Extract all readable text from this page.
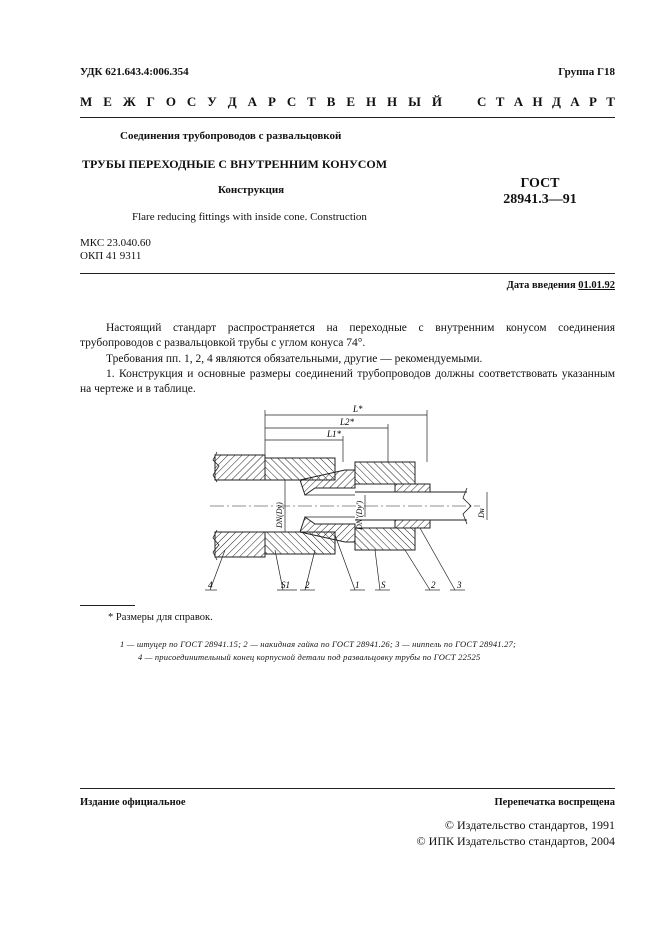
УДК 621.643.4:006.354	Группа Г18
М Е Ж Г О С У Д А Р С Т В Е Н Н Ы Й	С Т А Н Д А Р Т
Соединения трубопроводов с развальцовкой
ТРУБЫ ПЕРЕХОДНЫЕ С ВНУТРЕННИМ КОНУСОМ
Конструкция
Flare reducing fittings with inside cone. Construction
ГОСТ
28941.3—91
МКС 23.040.60
ОКП 41 9311
Дата введения 01.01.92
Настоящий стандарт распространяется на переходные с внутренним конусом соединения трубопроводов с развальцовкой трубы с углом конуса 74°.
Требования пп. 1, 2, 4 являются обязательными, другие — рекомендуемыми.
1. Конструкция и основные размеры соединений трубопроводов должны соответствовать указанным на чертеже и в таблице.
L*
L2*
L1*
DN(Dy)	DN'(Dy')	Dн
4	S1 2	1 S	2 3
* Размеры для справок.
1 — штуцер по ГОСТ 28941.15; 2 — накидная гайка по ГОСТ 28941.26; 3 — ниппель по ГОСТ 28941.27;
4 — присоединительный конец корпусной детали под развальцовку трубы по ГОСТ 22525
Издание официальное	Перепечатка воспрещена
© Издательство стандартов, 1991
© ИПК Издательство стандартов, 2004
